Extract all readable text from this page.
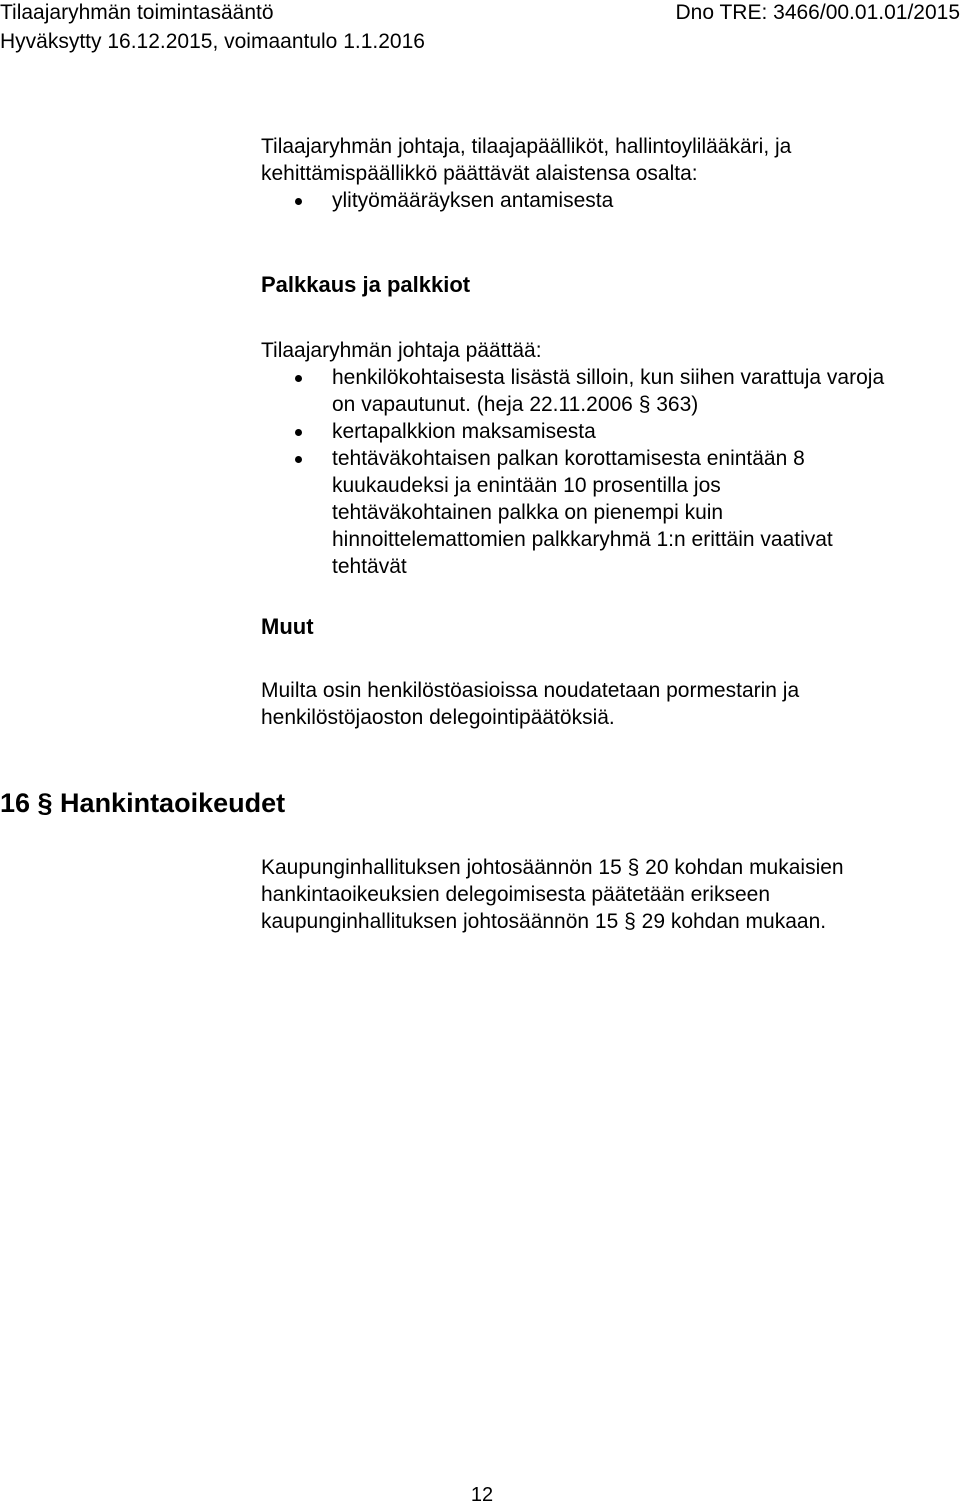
Tilaajaryhmän toimintasääntö	Dno TRE: 3466/00.01.01/2015
Hyväksytty 16.12.2015, voimaantulo 1.1.2016
Tilaajaryhmän johtaja, tilaajapäälliköt, hallintoylilääkäri, ja
kehittämispäällikkö päättävät alaistensa osalta:
ylityömääräyksen antamisesta
Palkkaus ja palkkiot
Tilaajaryhmän johtaja päättää:
henkilökohtaisesta lisästä silloin, kun siihen varattuja varoja
on vapautunut. (heja 22.11.2006 § 363)
kertapalkkion maksamisesta
tehtäväkohtaisen palkan korottamisesta enintään 8
kuukaudeksi ja enintään 10 prosentilla jos
tehtäväkohtainen palkka on pienempi kuin
hinnoittelemattomien palkkaryhmä 1:n erittäin vaativat
tehtävät
Muut
Muilta osin henkilöstöasioissa noudatetaan pormestarin ja
henkilöstöjaoston delegointipäätöksiä.
16 § Hankintaoikeudet
Kaupunginhallituksen johtosäännön 15 § 20 kohdan mukaisien
hankintaoikeuksien delegoimisesta päätetään erikseen
kaupunginhallituksen johtosäännön 15 § 29 kohdan mukaan.
12
